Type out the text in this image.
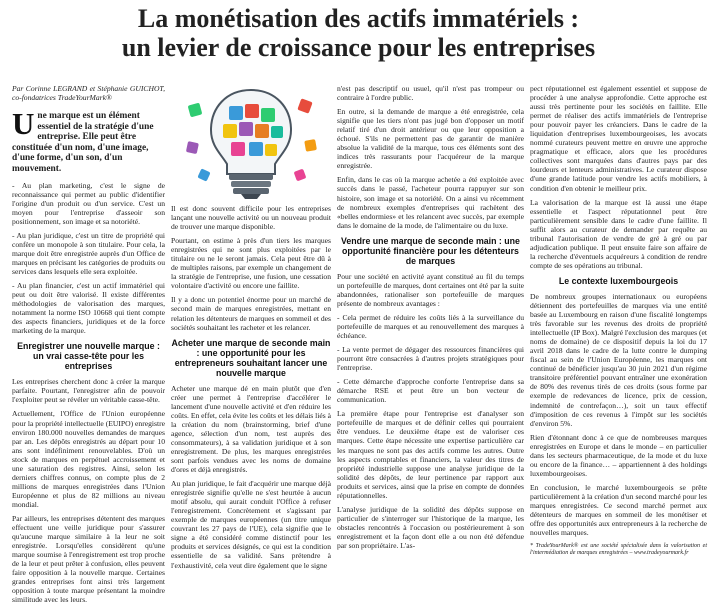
La monétisation des actifs immatériels :
un levier de croissance pour les entreprises

Par Corinne LEGRAND et Stéphanie GUICHOT, co-fondatrices TradeYourMark®

Une marque est un élément essentiel de la stratégie d'une entreprise. Elle peut être constituée d'un nom, d'une image, d'une forme, d'un son, d'un mouvement.

- Au plan marketing, c'est le signe de reconnaissance qui permet au public d'identifier l'origine d'un produit ou d'un service. C'est un moyen pour l'entreprise d'asseoir son positionnement, son image et sa notoriété.

- Au plan juridique, c'est un titre de propriété qui confère un monopole à son titulaire. Pour cela, la marque doit être enregistrée auprès d'un Office de marques en précisant les catégories de produits ou services dans lesquels elle sera exploitée.

- Au plan financier, c'est un actif immatériel qui peut ou doit être valorisé. Il existe différentes méthodologies de valorisation des marques, notamment la norme ISO 10668 qui tient compte des aspects financiers, juridiques et de la force marketing de la marque.

Enregistrer une nouvelle marque : un vrai casse-tête pour les entreprises

Les entreprises cherchent donc à créer la marque parfaite. Pourtant, l'enregistrer afin de pouvoir l'exploiter peut se révéler un véritable casse-tête.

Actuellement, l'Office de l'Union européenne pour la propriété intellectuelle (EUIPO) enregistre environ 180.000 nouvelles demandes de marques par an. Les dépôts enregistrés au départ pour 10 ans sont indéfiniment renouvelables. D'où un stock de marques en perpétuel accroissement et une saturation des registres. Ainsi, selon les derniers chiffres connus, on compte plus de 2 millions de marques enregistrées dans l'Union Européenne et plus de 82 millions au niveau mondial.

Par ailleurs, les entreprises détentent des marques effectuent une veille juridique pour s'assurer qu'aucune marque similaire à la leur ne soit enregistrée. Lorsqu'elles considèrent qu'une marque soumise à l'enregistrement est trop proche de la leur et peut prêter à confusion, elles peuvent faire opposition à la nouvelle marque. Certaines grandes entreprises font ainsi très largement opposition à toute marque présentant la moindre similitude avec les leurs.

Il est donc souvent difficile pour les entreprises lançant une nouvelle activité ou un nouveau produit de trouver une marque disponible.

Pourtant, on estime à près d'un tiers les marques enregistrées qui ne sont plus exploitées par le titulaire ou ne le seront jamais. Cela peut être dû à de multiples raisons, par exemple un changement de la stratégie de l'entreprise, une fusion, une cessation volontaire d'activité ou encore une faillite.

Il y a donc un potentiel énorme pour un marché de second main de marques enregistrées, mettant en relation les détenteurs de marques en sommeil et des sociétés souhaitant les racheter et les relancer.

Acheter une marque de seconde main : une opportunité pour les entrepreneurs souhaitant lancer une nouvelle marque

Acheter une marque dé en main plutôt que d'en créer une permet à l'entreprise d'accélérer le lancement d'une nouvelle activité et d'en réduire les coûts. En effet, cela évite les coûts et les délais liés à la création du nom (brainstorming, brief d'une agence, sélection d'un nom, test auprès des consommateurs), à sa validation juridique et à son enregistrement. De plus, les marques enregistrées sont parfois vendues avec les noms de domaine d'ores et déjà enregistrés.

Au plan juridique, le fait d'acquérir une marque déjà enregistrée signifie qu'elle ne s'est heurtée à aucun motif absolu, qui aurait conduit l'Office à refuser l'enregistrement. Concrètement et s'agissant par exemple de marques européennes (un titre unique couvrant les 27 pays de l'UE), cela signifie que le signe a été considéré comme distinctif pour les produits et services désignés, ce qui est la condition essentielle de sa validité. Sans prétendre à l'exhaustivité, cela veut dire également que le signe

n'est pas descriptif ou usuel, qu'il n'est pas trompeur ou contraire à l'ordre public.

En outre, si la demande de marque a été enregistrée, cela signifie que les tiers n'ont pas jugé bon d'opposer un motif relatif tiré d'un droit antérieur ou que leur opposition a échoué. S'ils ne permettent pas de garantir de manière absolue la validité de la marque, tous ces éléments sont des indices très rassurants pour l'acquéreur de la marque enregistrée.

Enfin, dans le cas où la marque achetée a été exploitée avec succès dans le passé, l'acheteur pourra rappuyer sur son histoire, son image et sa notoriété. On a ainsi vu récemment de nombreux exemples d'entreprises qui rachètent des «belles endormies» et les relancent avec succès, par exemple dans le domaine de la mode, de l'alimentaire ou du luxe.

Vendre une marque de seconde main : une opportunité financière pour les détenteurs de marques

Pour une société en activité ayant constitué au fil du temps un portefeuille de marques, dont certaines ont été par la suite abandonnées, rationaliser son portefeuille de marques présente de nombreux avantages :

- Cela permet de réduire les coûts liés à la surveillance du portefeuille de marques et au renouvellement des marques à échéance.

- La vente permet de dégager des ressources financières qui pourront être consacrées à d'autres projets stratégiques pour l'entreprise.

- Cette démarche d'approche conforte l'entreprise dans sa démarche RSE et peut être un bon vecteur de communication.

La première étape pour l'entreprise est d'analyser son portefeuille de marques et de définir celles qui pourraient être vendues. Le deuxième étape est de valoriser ces marques. Cette étape nécessite une expertise particulière car les marques ne sont pas des actifs comme les autres. Outre les aspects comptables et financiers, la valeur des titres de propriété industrielle suppose une analyse juridique de la solidité des dépôts, de leur pertinence par rapport aux produits et services, ainsi que la prise en compte de données réputationnelles.

L'analyse juridique de la solidité des dépôts suppose en particulier de s'interroger sur l'historique de la marque, les obstacles rencontrés à l'occasion ou postérieurement à son enregistrement et la façon dont elle a ou non été défendue par son propriétaire. L'as-

pect réputationnel est également essentiel et suppose de procéder à une analyse approfondie. Cette approche est aussi très pertinente pour les sociétés en faillite. Elle permet de réaliser des actifs immatériels de l'entreprise pour pouvoir payer les créanciers. Dans le cadre de la liquidation d'entreprises luxembourgeoises, les avocats nommé curateurs peuvent mettre en œuvre une approche pragmatique et efficace, alors que les procédures collectives sont marquées dans d'autres pays par des lourdeurs et lenteurs administratives. Le curateur dispose d'une grande latitude pour vendre les actifs mobiliers, à condition d'en obtenir le meilleur prix.

La valorisation de la marque est là aussi une étape essentielle et l'aspect réputationnel peut être particulièrement sensible dans le cadre d'une faillite. Il suffit alors au curateur de demander par requête au tribunal l'autorisation de vendre de gré à gré ou par adjudication publique. Il peut ensuite faire son affaire de la recherche d'éventuels acquéreurs à condition de rendre compte de ses opérations au tribunal.

Le contexte luxembourgeois

De nombreux groupes internationaux ou européens détiennent des portefeuilles de marques via une entité basée au Luxembourg en raison d'une fiscalité longtemps très favorable sur les revenus des droits de propriété intellectuelle (IP Box). Malgré l'exclusion des marques (et noms de domaine) de ce dispositif depuis la loi du 17 avril 2018 dans le cadre de la lutte contre le dumping fiscal au sein de l'Union Européenne, les marques ont continué de bénéficier jusqu'au 30 juin 2021 d'un régime transitoire préférentiel pouvant entraîner une exonération de 80% des revenus tirés de ces droits (sous forme par exemple de redevances de licence, prix de cession, indemnité de contrefaçon…), soit un taux effectif d'imposition de ces revenus à l'impôt sur les sociétés d'environ 5%.

Rien d'étonnant donc à ce que de nombreuses marques enregistrées en Europe et dans le monde – en particulier dans les secteurs pharmaceutique, de la mode et du luxe ou encore de la finance… – appartiennent à des holdings luxembourgeoises.

En conclusion, le marché luxembourgeois se prête particulièrement à la création d'un second marché pour les marques enregistrées. Ce second marché permet aux détenteurs de marques en sommeil de les monétiser et offre des opportunités aux entrepreneurs à la recherche de nouvelles marques.

* TradeYourMark® est une société spécialisée dans la valorisation et l'intermédiation de marques enregistrées – www.tradeyourmark.fr
